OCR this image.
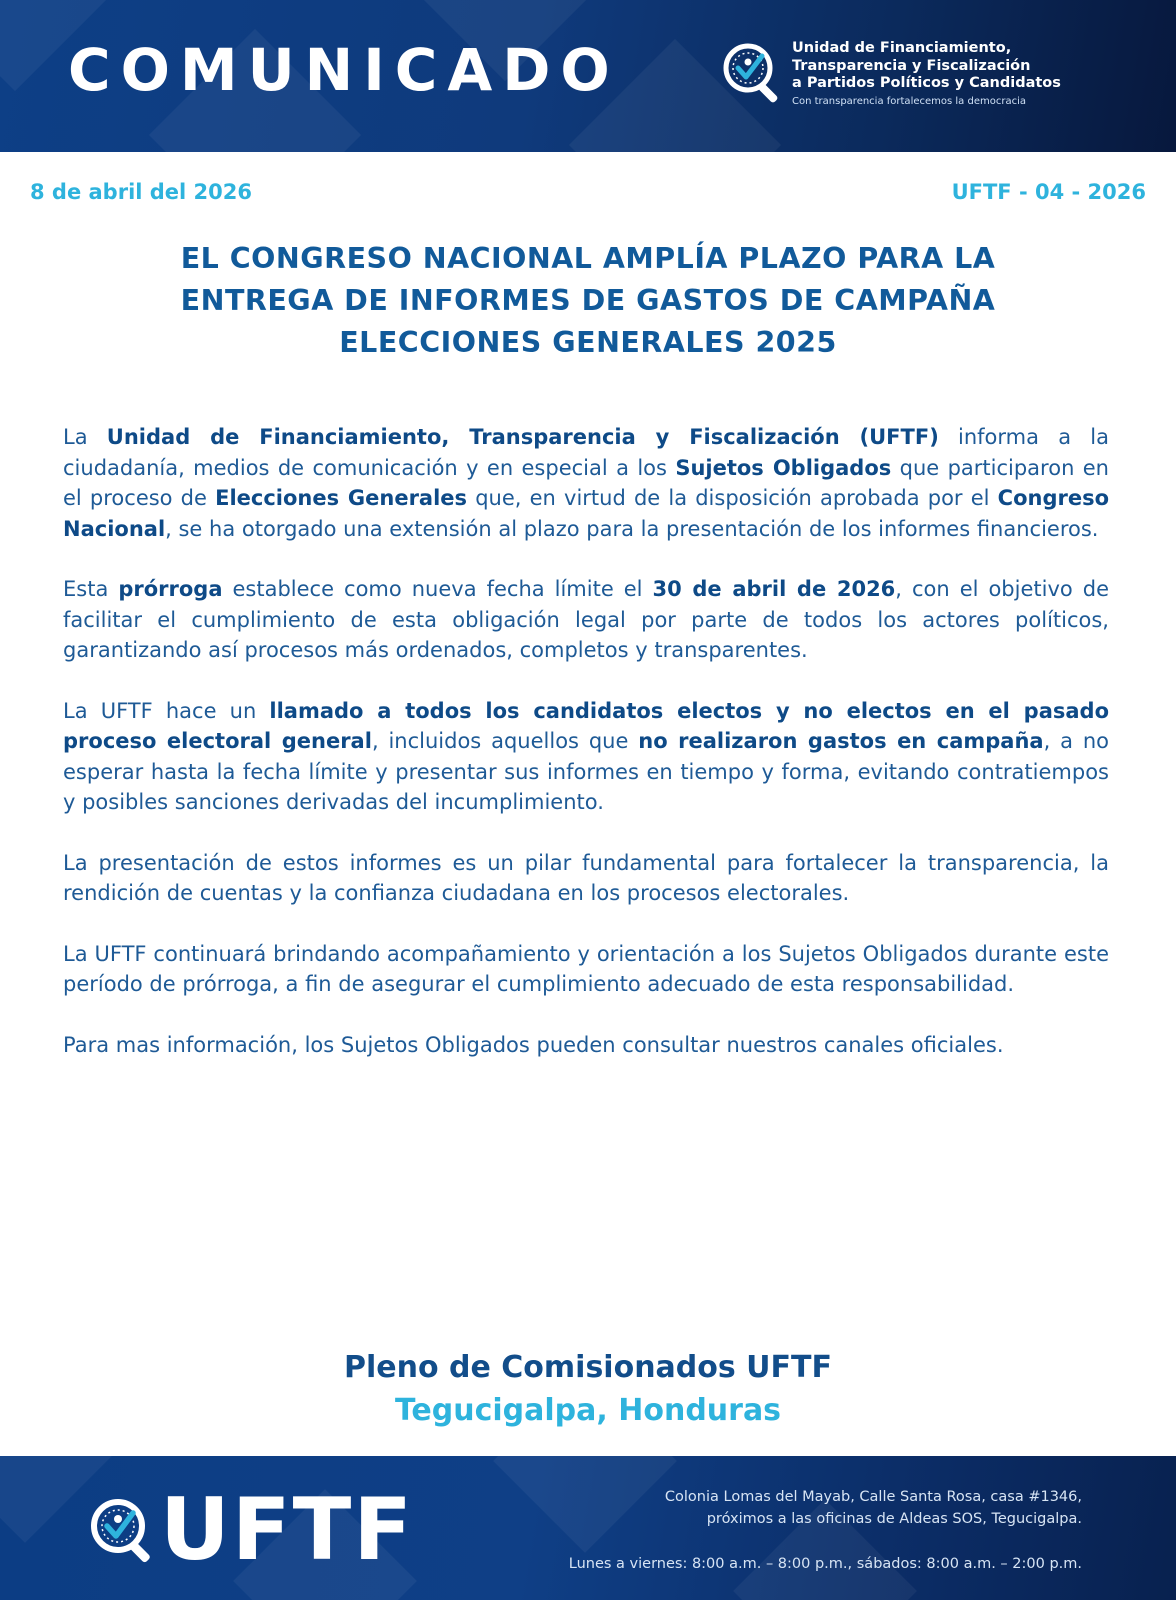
COMUNICADO	Unidad de Financiamiento,
Transparencia y Fiscalización
a Partidos Políticos y Candidatos
Con transparencia fortalecemos la democracia
8 de abril del 2026	UFTF - 04 - 2026
EL CONGRESO NACIONAL AMPLÍA PLAZO PARA LA
ENTREGA DE INFORMES DE GASTOS DE CAMPAÑA
ELECCIONES GENERALES 2025

La Unidad de Financiamiento, Transparencia y Fiscalización (UFTF) informa a la ciudadanía, medios de comunicación y en especial a los Sujetos Obligados que participaron en el proceso de Elecciones Generales que, en virtud de la disposición aprobada por el Congreso Nacional, se ha otorgado una extensión al plazo para la presentación de los informes financieros.

Esta prórroga establece como nueva fecha límite el 30 de abril de 2026, con el objetivo de facilitar el cumplimiento de esta obligación legal por parte de todos los actores políticos, garantizando así procesos más ordenados, completos y transparentes.

La UFTF hace un llamado a todos los candidatos electos y no electos en el pasado proceso electoral general, incluidos aquellos que no realizaron gastos en campaña, a no esperar hasta la fecha límite y presentar sus informes en tiempo y forma, evitando contratiempos y posibles sanciones derivadas del incumplimiento.

La presentación de estos informes es un pilar fundamental para fortalecer la transparencia, la rendición de cuentas y la confianza ciudadana en los procesos electorales.

La UFTF continuará brindando acompañamiento y orientación a los Sujetos Obligados durante este período de prórroga, a fin de asegurar el cumplimiento adecuado de esta responsabilidad.

Para mas información, los Sujetos Obligados pueden consultar nuestros canales oficiales.

Pleno de Comisionados UFTF
Tegucigalpa, Honduras
UFTF	Colonia Lomas del Mayab, Calle Santa Rosa, casa #1346,
próximos a las oficinas de Aldeas SOS, Tegucigalpa.
Lunes a viernes: 8:00 a.m. – 8:00 p.m., sábados: 8:00 a.m. – 2:00 p.m.
